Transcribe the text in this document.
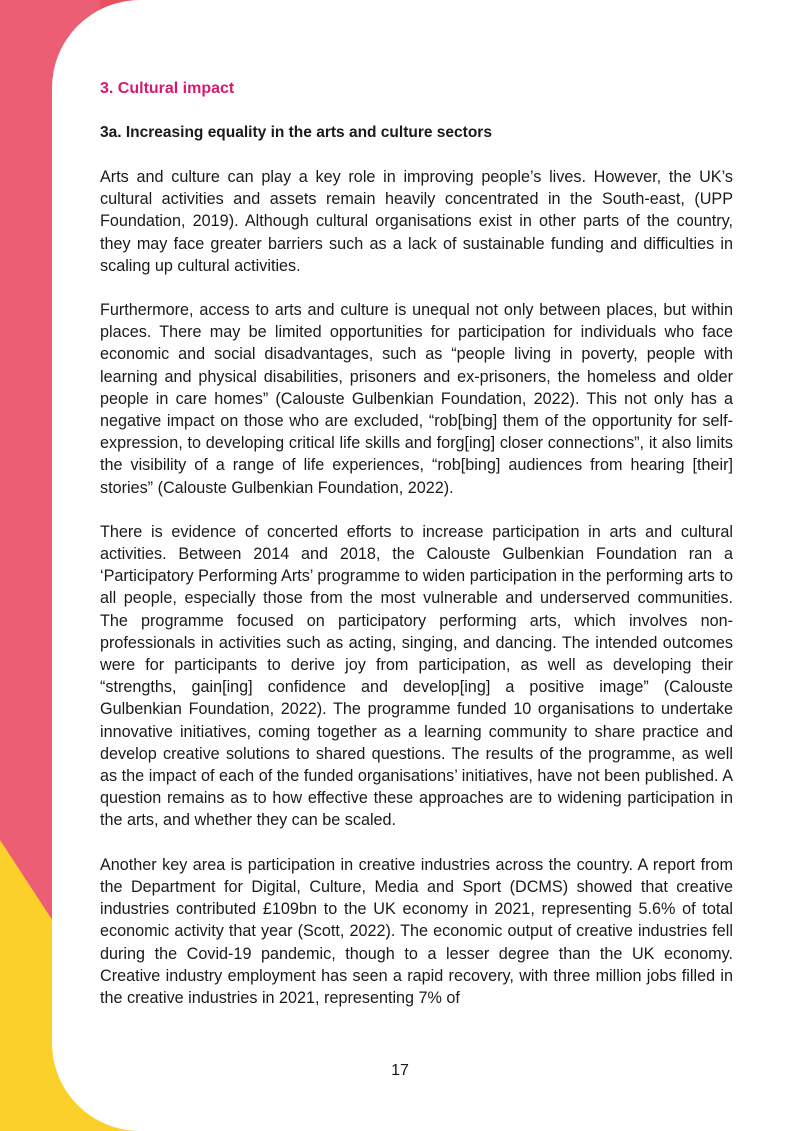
3. Cultural impact
3a. Increasing equality in the arts and culture sectors

Arts and culture can play a key role in improving people’s lives. However, the UK’s cultural activities and assets remain heavily concentrated in the South-east, (UPP Foundation, 2019). Although cultural organisations exist in other parts of the country, they may face greater barriers such as a lack of sustainable funding and difficulties in scaling up cultural activities.

Furthermore, access to arts and culture is unequal not only between places, but within places. There may be limited opportunities for participation for individuals who face economic and social disadvantages, such as “people living in poverty, people with learning and physical disabilities, prisoners and ex-prisoners, the homeless and older people in care homes” (Calouste Gulbenkian Foundation, 2022). This not only has a negative impact on those who are excluded, “rob[bing] them of the opportunity for self-expression, to developing critical life skills and forg[ing] closer connections”, it also limits the visibility of a range of life experiences, “rob[bing] audiences from hearing [their] stories” (Calouste Gulbenkian Foundation, 2022).

There is evidence of concerted efforts to increase participation in arts and cultural activities. Between 2014 and 2018, the Calouste Gulbenkian Foundation ran a ‘Participatory Performing Arts’ programme to widen participation in the performing arts to all people, especially those from the most vulnerable and underserved communities. The programme focused on participatory performing arts, which involves non-professionals in activities such as acting, singing, and dancing. The intended outcomes were for participants to derive joy from participation, as well as developing their “strengths, gain[ing] confidence and develop[ing] a positive image” (Calouste Gulbenkian Foundation, 2022). The programme funded 10 organisations to undertake innovative initiatives, coming together as a learning community to share practice and develop creative solutions to shared questions. The results of the programme, as well as the impact of each of the funded organisations’ initiatives, have not been published. A question remains as to how effective these approaches are to widening participation in the arts, and whether they can be scaled.

Another key area is participation in creative industries across the country. A report from the Department for Digital, Culture, Media and Sport (DCMS) showed that creative industries contributed £109bn to the UK economy in 2021, representing 5.6% of total economic activity that year (Scott, 2022). The economic output of creative industries fell during the Covid-19 pandemic, though to a lesser degree than the UK economy. Creative industry employment has seen a rapid recovery, with three million jobs filled in the creative industries in 2021, representing 7% of

17
